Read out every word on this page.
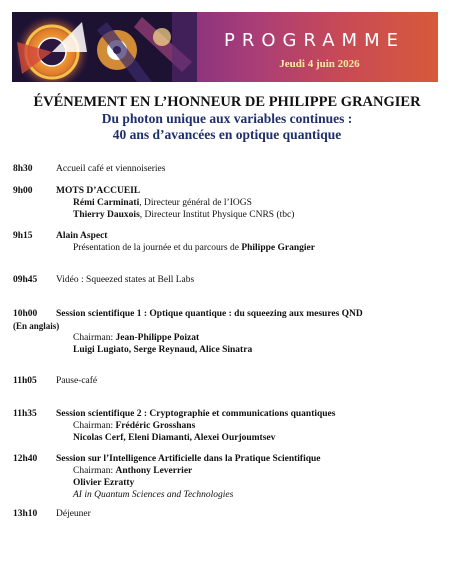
PROGRAMME
Jeudi 4 juin 2026
ÉVÉNEMENT EN L’HONNEUR DE PHILIPPE GRANGIER
Du photon unique aux variables continues :
40 ans d’avancées en optique quantique
8h30 Accueil café et viennoiseries
9h00 MOTS D’ACCUEIL
Rémi Carminati, Directeur général de l’IOGS
Thierry Dauxois, Directeur Institut Physique CNRS (tbc)
9h15 Alain Aspect
Présentation de la journée et du parcours de Philippe Grangier
09h45 Vidéo : Squeezed states at Bell Labs
10h00 Session scientifique 1 : Optique quantique : du squeezing aux mesures QND
(En anglais)
Chairman: Jean-Philippe Poizat
Luigi Lugiato, Serge Reynaud, Alice Sinatra
11h05 Pause-café
11h35 Session scientifique 2 : Cryptographie et communications quantiques
Chairman: Frédéric Grosshans
Nicolas Cerf, Eleni Diamanti, Alexei Ourjoumtsev
12h40 Session sur l’Intelligence Artificielle dans la Pratique Scientifique
Chairman: Anthony Leverrier
Olivier Ezratty
AI in Quantum Sciences and Technologies
13h10 Déjeuner
